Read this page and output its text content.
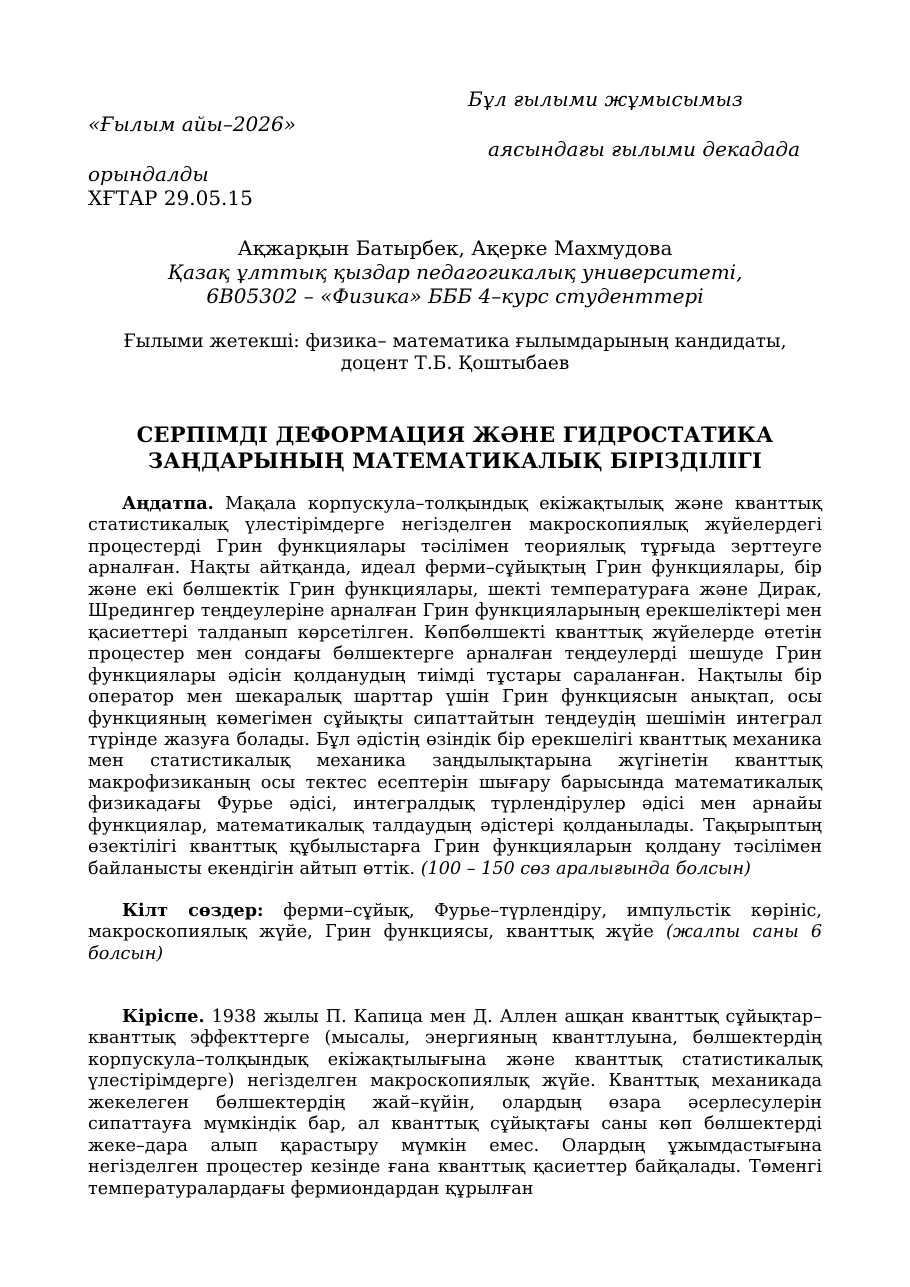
Бұл ғылыми жұмысымыз
«Ғылым айы–2026»
аясындағы ғылыми декадада
орындалды
ХҒТАР 29.05.15
Ақжарқын Батырбек, Ақерке Махмудова
Қазақ ұлттық қыздар педагогикалық университеті,
6В05302 – «Физика» БББ 4–курс студенттері
Ғылыми жетекші: физика– математика ғылымдарының кандидаты,
доцент Т.Б. Қоштыбаев
СЕРПІМДІ ДЕФОРМАЦИЯ ЖӘНЕ ГИДРОСТАТИКА
ЗАҢДАРЫНЫҢ МАТЕМАТИКАЛЫҚ БІРІЗДІЛІГІ
Аңдатпа. Мақала корпускула–толқындық екіжақтылық және кванттық статистикалық үлестірімдерге негізделген макроскопиялық жүйелердегі процестерді Грин функциялары тәсілімен теориялық тұрғыда зерттеуге арналған. Нақты айтқанда, идеал ферми–сұйықтың Грин функциялары, бір және екі бөлшектік Грин функциялары, шекті температураға және Дирак, Шредингер теңдеулеріне арналған Грин функцияларының ерекшеліктері мен қасиеттері талданып көрсетілген. Көпбөлшекті кванттық жүйелерде өтетін процестер мен сондағы бөлшектерге арналған теңдеулерді шешуде Грин функциялары әдісін қолданудың тиімді тұстары сараланған. Нақтылы бір оператор мен шекаралық шарттар үшін Грин функциясын анықтап, осы функцияның көмегімен сұйықты сипаттайтын теңдеудің шешімін интеграл түрінде жазуға болады. Бұл әдістің өзіндік бір ерекшелігі кванттық механика мен статистикалық механика заңдылықтарына жүгінетін кванттық макрофизиканың осы тектес есептерін шығару барысында математикалық физикадағы Фурье әдісі, интегралдық түрлендірулер әдісі мен арнайы функциялар, математикалық талдаудың әдістері қолданылады. Тақырыптың өзектілігі кванттық құбылыстарға Грин функцияларын қолдану тәсілімен байланысты екендігін айтып өттік. (100 – 150 сөз аралығында болсын)
Кілт сөздер: ферми–сұйық, Фурье–түрлендіру, импульстік көрініс, макроскопиялық жүйе, Грин функциясы, кванттық жүйе (жалпы саны 6 болсын)
Кіріспе. 1938 жылы П. Капица мен Д. Аллен ашқан кванттық сұйықтар–кванттық эффекттерге (мысалы, энергияның кванттлуына, бөлшектердің корпускула–толқындық екіжақтылығына және кванттық статистикалық үлестірімдерге) негізделген макроскопиялық жүйе. Кванттық механикада жекелеген бөлшектердің жай–күйін, олардың өзара әсерлесулерін сипаттауға мүмкіндік бар, ал кванттық сұйықтағы саны көп бөлшектерді жеке–дара алып қарастыру мүмкін емес. Олардың ұжымдастығына негізделген процестер кезінде ғана кванттық қасиеттер байқалады. Төменгі температуралардағы фермиондардан құрылған
